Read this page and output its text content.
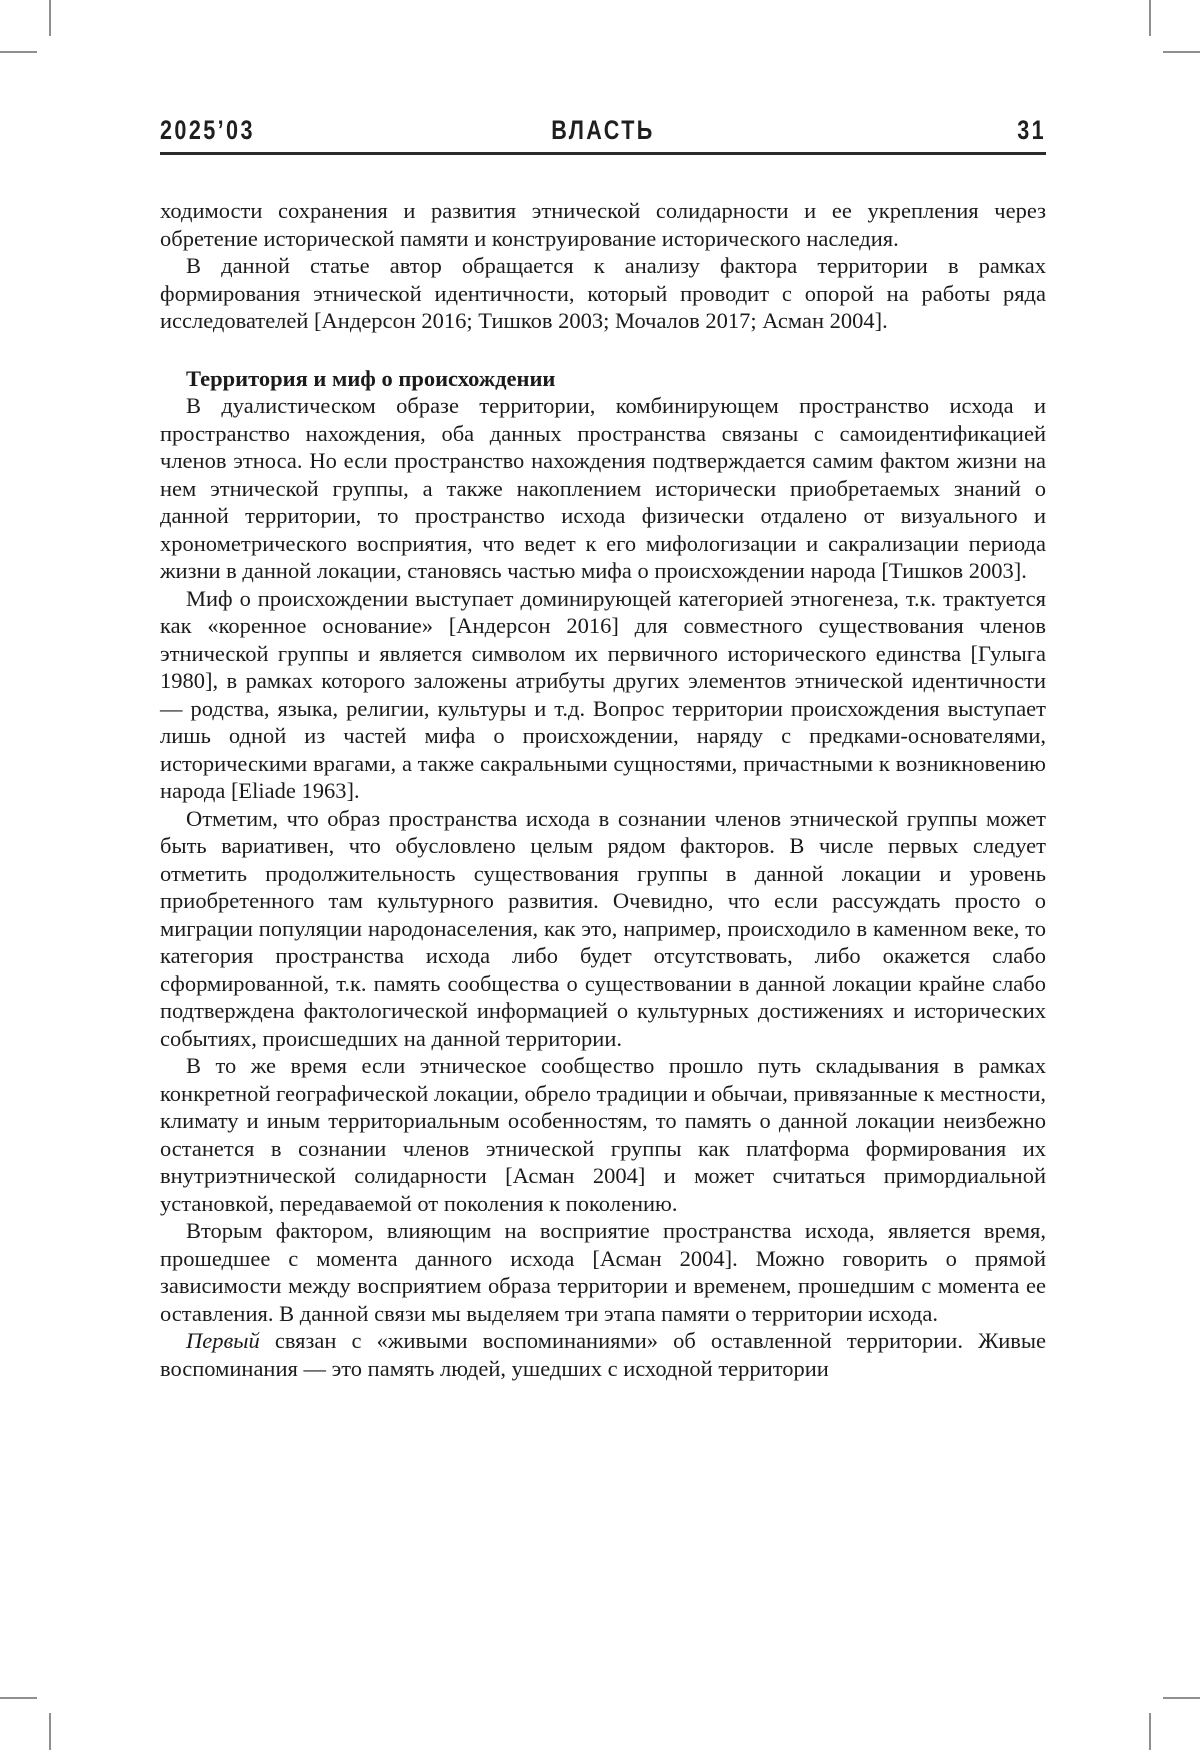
2025’03	ВЛАСТЬ	31

ходимости сохранения и развития этнической солидарности и ее укрепления через обретение исторической памяти и конструирование исторического наследия.

В данной статье автор обращается к анализу фактора территории в рамках формирования этнической идентичности, который проводит с опорой на работы ряда исследователей [Андерсон 2016; Тишков 2003; Мочалов 2017; Асман 2004].

Территория и миф о происхождении

В дуалистическом образе территории, комбинирующем пространство исхода и пространство нахождения, оба данных пространства связаны с самоидентификацией членов этноса. Но если пространство нахождения подтверждается самим фактом жизни на нем этнической группы, а также накоплением исторически приобретаемых знаний о данной территории, то пространство исхода физически отдалено от визуального и хронометрического восприятия, что ведет к его мифологизации и сакрализации периода жизни в данной локации, становясь частью мифа о происхождении народа [Тишков 2003].

Миф о происхождении выступает доминирующей категорией этногенеза, т.к. трактуется как «коренное основание» [Андерсон 2016] для совместного существования членов этнической группы и является символом их первичного исторического единства [Гулыга 1980], в рамках которого заложены атрибуты других элементов этнической идентичности — родства, языка, религии, культуры и т.д. Вопрос территории происхождения выступает лишь одной из частей мифа о происхождении, наряду с предками-основателями, историческими врагами, а также сакральными сущностями, причастными к возникновению народа [Eliade 1963].

Отметим, что образ пространства исхода в сознании членов этнической группы может быть вариативен, что обусловлено целым рядом факторов. В числе первых следует отметить продолжительность существования группы в данной локации и уровень приобретенного там культурного развития. Очевидно, что если рассуждать просто о миграции популяции народонаселения, как это, например, происходило в каменном веке, то категория пространства исхода либо будет отсутствовать, либо окажется слабо сформированной, т.к. память сообщества о существовании в данной локации крайне слабо подтверждена фактологической информацией о культурных достижениях и исторических событиях, происшедших на данной территории.

В то же время если этническое сообщество прошло путь складывания в рамках конкретной географической локации, обрело традиции и обычаи, привязанные к местности, климату и иным территориальным особенностям, то память о данной локации неизбежно останется в сознании членов этнической группы как платформа формирования их внутриэтнической солидарности [Асман 2004] и может считаться примордиальной установкой, передаваемой от поколения к поколению.

Вторым фактором, влияющим на восприятие пространства исхода, является время, прошедшее с момента данного исхода [Асман 2004]. Можно говорить о прямой зависимости между восприятием образа территории и временем, прошедшим с момента ее оставления. В данной связи мы выделяем три этапа памяти о территории исхода.

Первый связан с «живыми воспоминаниями» об оставленной территории. Живые воспоминания — это память людей, ушедших с исходной территории
